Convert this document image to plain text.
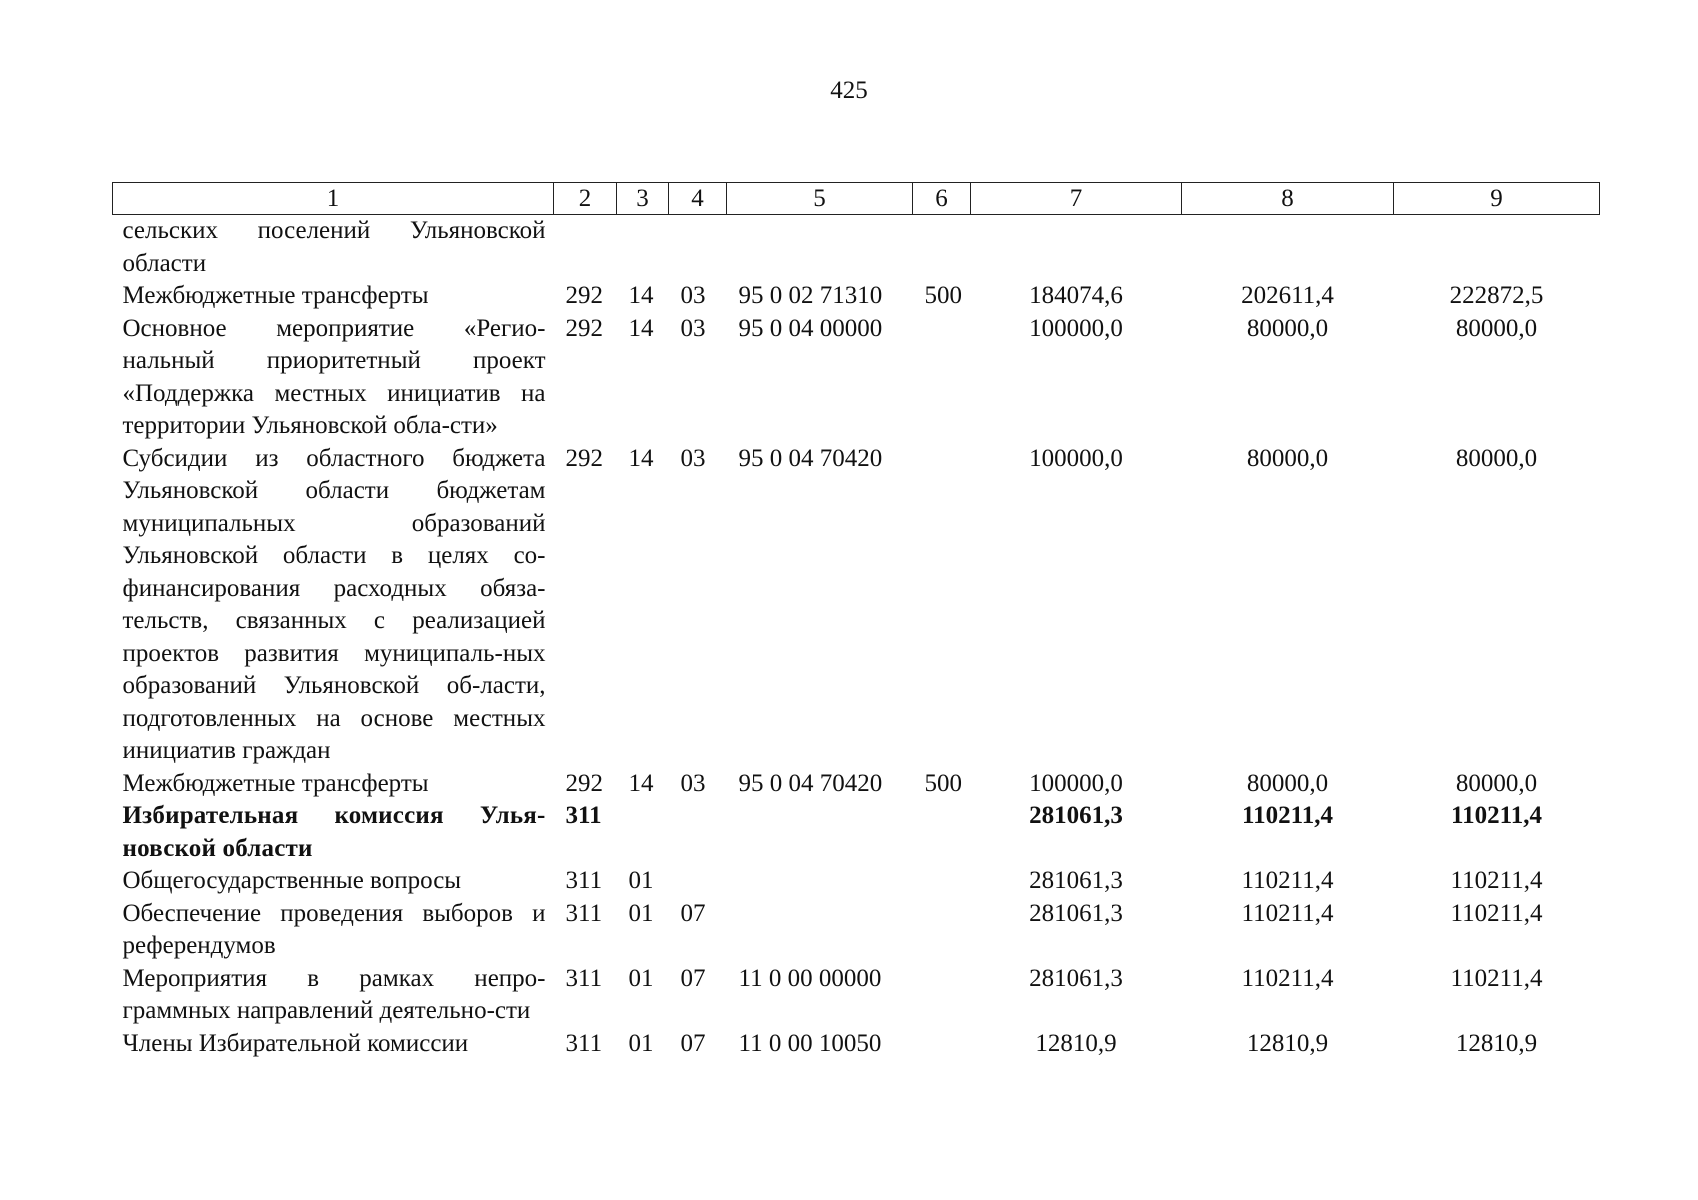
425
1	2	3	4	5	6	7	8	9
сельских поселений Ульяновской области								
Межбюджетные трансферты	292	14	03	95 0 02 71310	500	184074,6	202611,4	222872,5
Основное мероприятие «Регио-нальный приоритетный проект «Поддержка местных инициатив на территории Ульяновской обла-сти»	292	14	03	95 0 04 00000		100000,0	80000,0	80000,0
Субсидии из областного бюджета Ульяновской области бюджетам муниципальных образований Ульяновской области в целях со-финансирования расходных обяза-тельств, связанных с реализацией проектов развития муниципаль-ных образований Ульяновской об-ласти, подготовленных на основе местных инициатив граждан	292	14	03	95 0 04 70420		100000,0	80000,0	80000,0
Межбюджетные трансферты	292	14	03	95 0 04 70420	500	100000,0	80000,0	80000,0
Избирательная комиссия Улья-новской области	311					281061,3	110211,4	110211,4
Общегосударственные вопросы	311	01				281061,3	110211,4	110211,4
Обеспечение проведения выборов и референдумов	311	01	07			281061,3	110211,4	110211,4
Мероприятия в рамках непро-граммных направлений деятельно-сти	311	01	07	11 0 00 00000		281061,3	110211,4	110211,4
Члены Избирательной комиссии	311	01	07	11 0 00 10050		12810,9	12810,9	12810,9
